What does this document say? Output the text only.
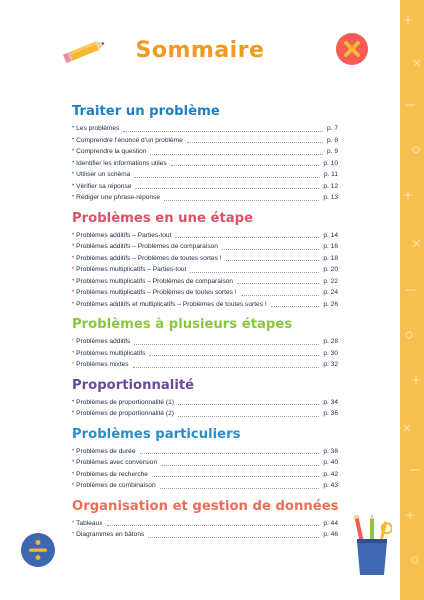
Sommaire
Traiter un problème
• Les problèmes	p. 7
• Comprendre l’énoncé d’un problème	p. 8
• Comprendre la question	p. 9
• Identifier les informations utiles	p. 10
• Utiliser un schéma	p. 11
• Vérifier sa réponse	p. 12
• Rédiger une phrase-réponse	p. 13
Problèmes en une étape
• Problèmes additifs – Parties-tout	p. 14
• Problèmes additifs – Problèmes de comparaison	p. 16
• Problèmes additifs – Problèmes de toutes sortes !	p. 18
• Problèmes multiplicatifs – Parties-tout	p. 20
• Problèmes multiplicatifs – Problèmes de comparaison	p. 22
• Problèmes multiplicatifs – Problèmes de toutes sortes !	p. 24
• Problèmes additifs et multiplicatifs – Problèmes de toutes sortes !	p. 26
Problèmes à plusieurs étapes
• Problèmes additifs	p. 28
• Problèmes multiplicatifs	p. 30
• Problèmes mixtes	p. 32
Proportionnalité
• Problèmes de proportionnalité (1)	p. 34
• Problèmes de proportionnalité (2)	p. 36
Problèmes particuliers
• Problèmes de durée	p. 38
• Problèmes avec conversion	p. 40
• Problèmes de recherche	p. 42
• Problèmes de combinaison	p. 43
Organisation et gestion de données
• Tableaux	p. 44
• Diagrammes en bâtons	p. 46
